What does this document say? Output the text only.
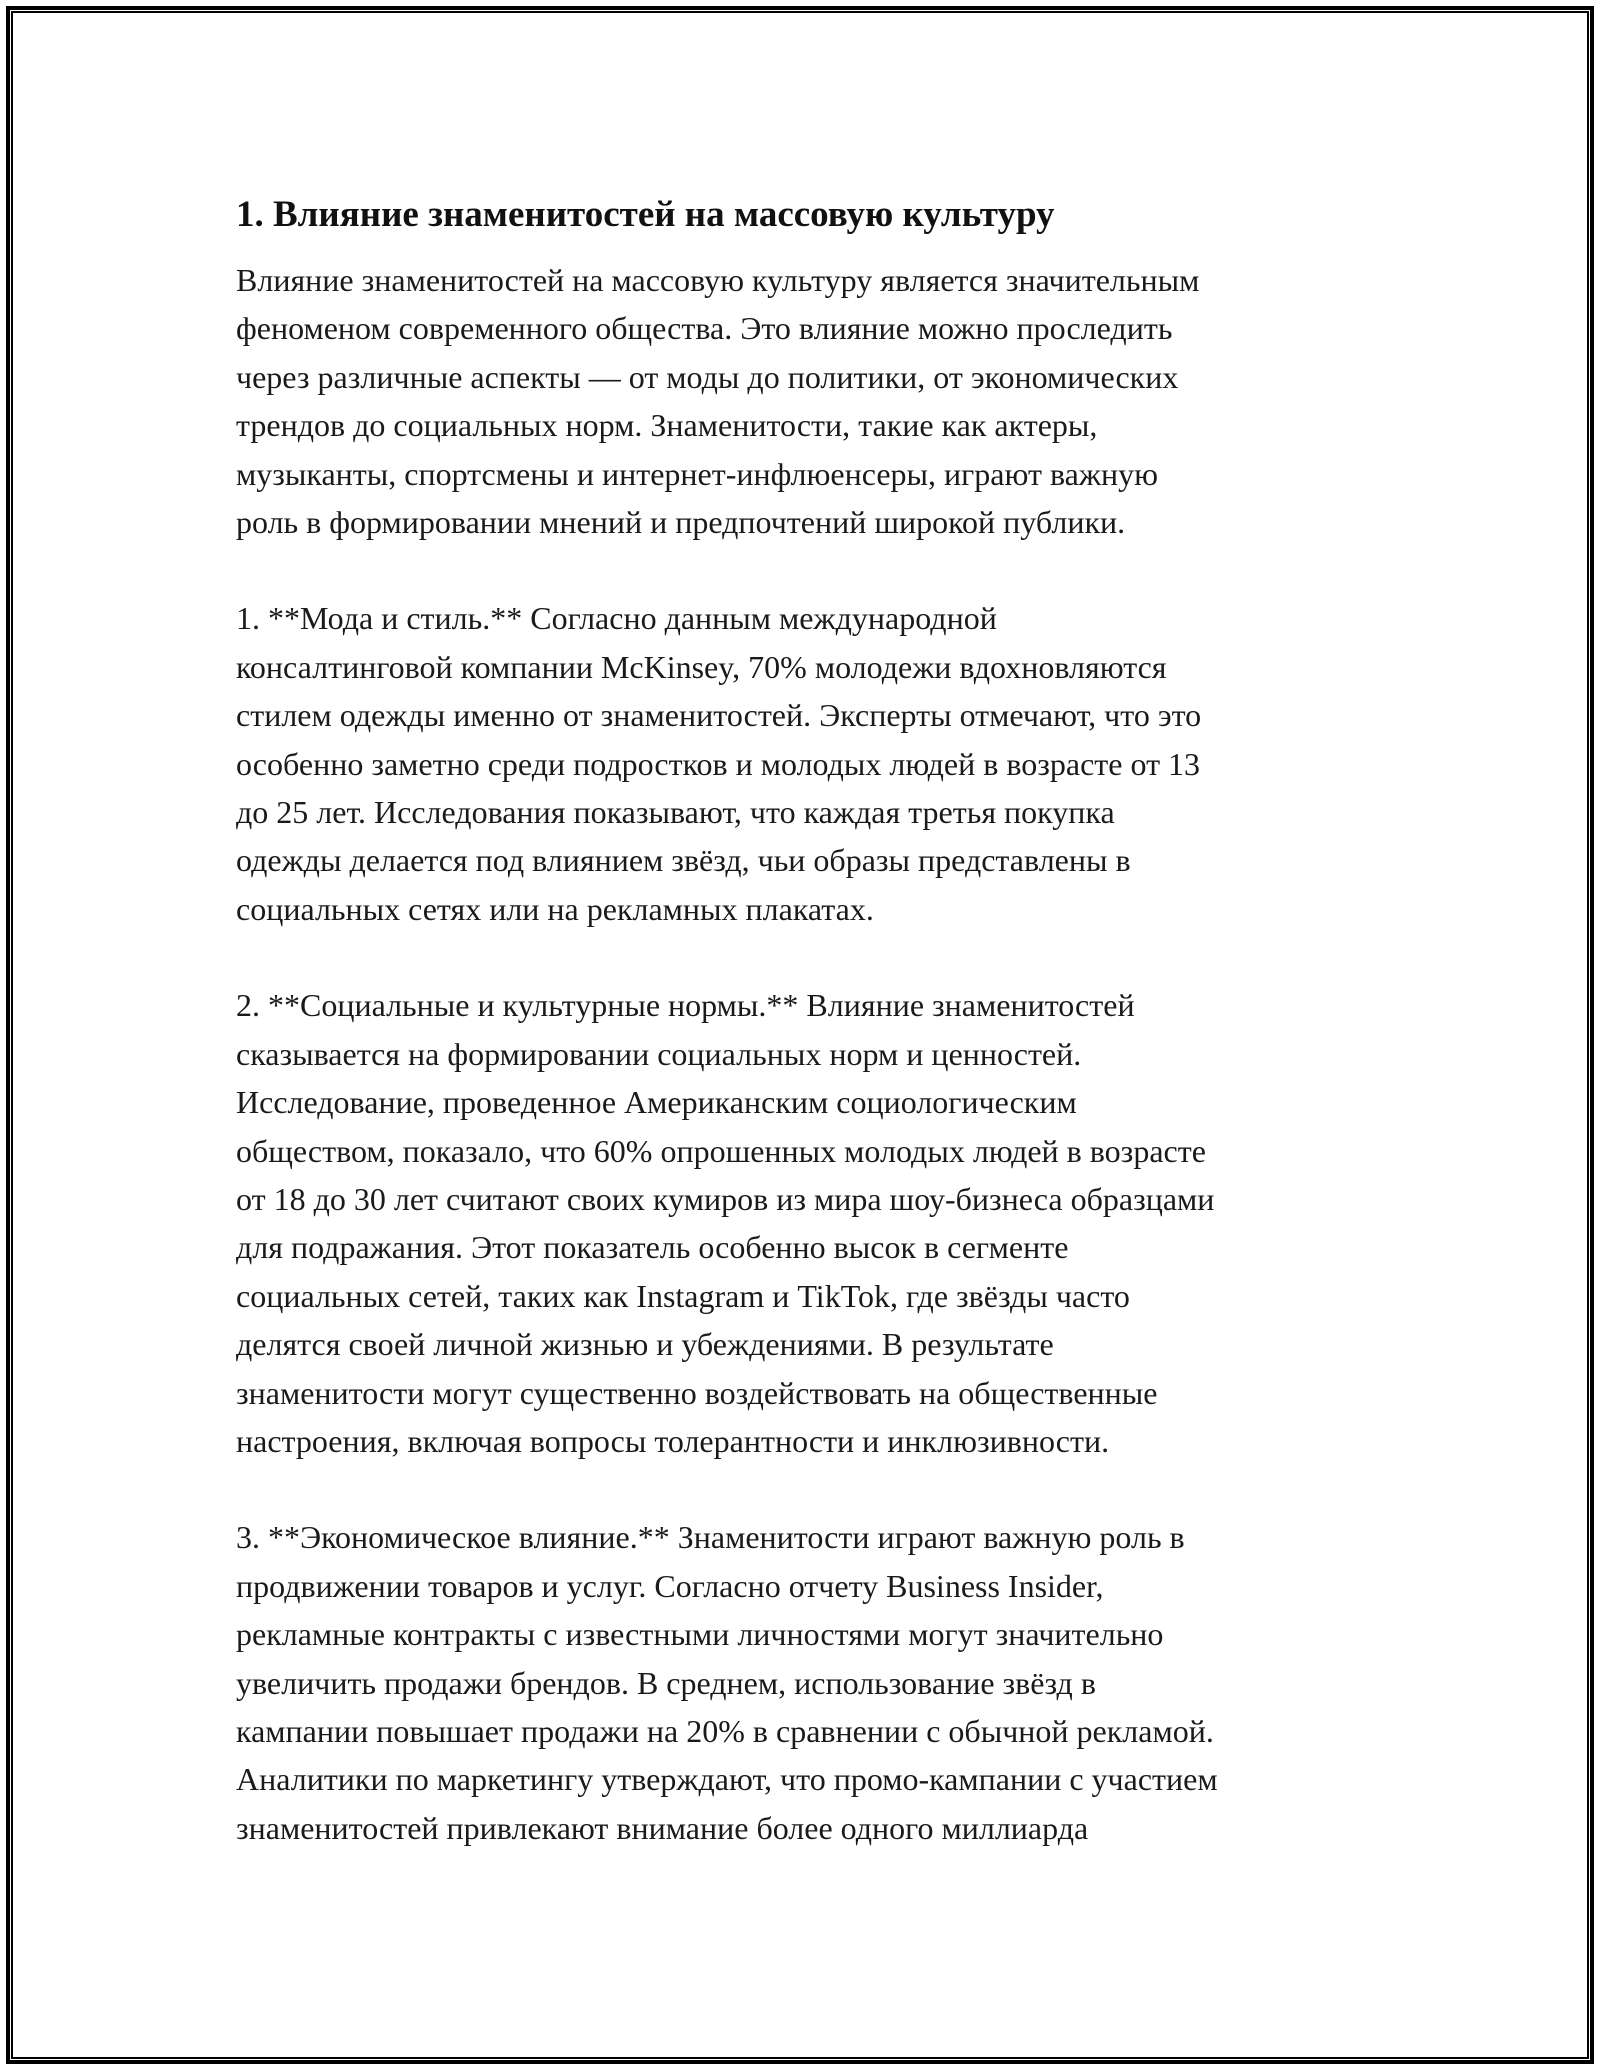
1. Влияние знаменитостей на массовую культуру

Влияние знаменитостей на массовую культуру является значительным
феноменом современного общества. Это влияние можно проследить
через различные аспекты — от моды до политики, от экономических
трендов до социальных норм. Знаменитости, такие как актеры,
музыканты, спортсмены и интернет-инфлюенсеры, играют важную
роль в формировании мнений и предпочтений широкой публики.

1. **Мода и стиль.** Согласно данным международной
консалтинговой компании McKinsey, 70% молодежи вдохновляются
стилем одежды именно от знаменитостей. Эксперты отмечают, что это
особенно заметно среди подростков и молодых людей в возрасте от 13
до 25 лет. Исследования показывают, что каждая третья покупка
одежды делается под влиянием звёзд, чьи образы представлены в
социальных сетях или на рекламных плакатах.

2. **Социальные и культурные нормы.** Влияние знаменитостей
сказывается на формировании социальных норм и ценностей.
Исследование, проведенное Американским социологическим
обществом, показало, что 60% опрошенных молодых людей в возрасте
от 18 до 30 лет считают своих кумиров из мира шоу-бизнеса образцами
для подражания. Этот показатель особенно высок в сегменте
социальных сетей, таких как Instagram и TikTok, где звёзды часто
делятся своей личной жизнью и убеждениями. В результате
знаменитости могут существенно воздействовать на общественные
настроения, включая вопросы толерантности и инклюзивности.

3. **Экономическое влияние.** Знаменитости играют важную роль в
продвижении товаров и услуг. Согласно отчету Business Insider,
рекламные контракты с известными личностями могут значительно
увеличить продажи брендов. В среднем, использование звёзд в
кампании повышает продажи на 20% в сравнении с обычной рекламой.
Аналитики по маркетингу утверждают, что промо-кампании с участием
знаменитостей привлекают внимание более одного миллиарда
